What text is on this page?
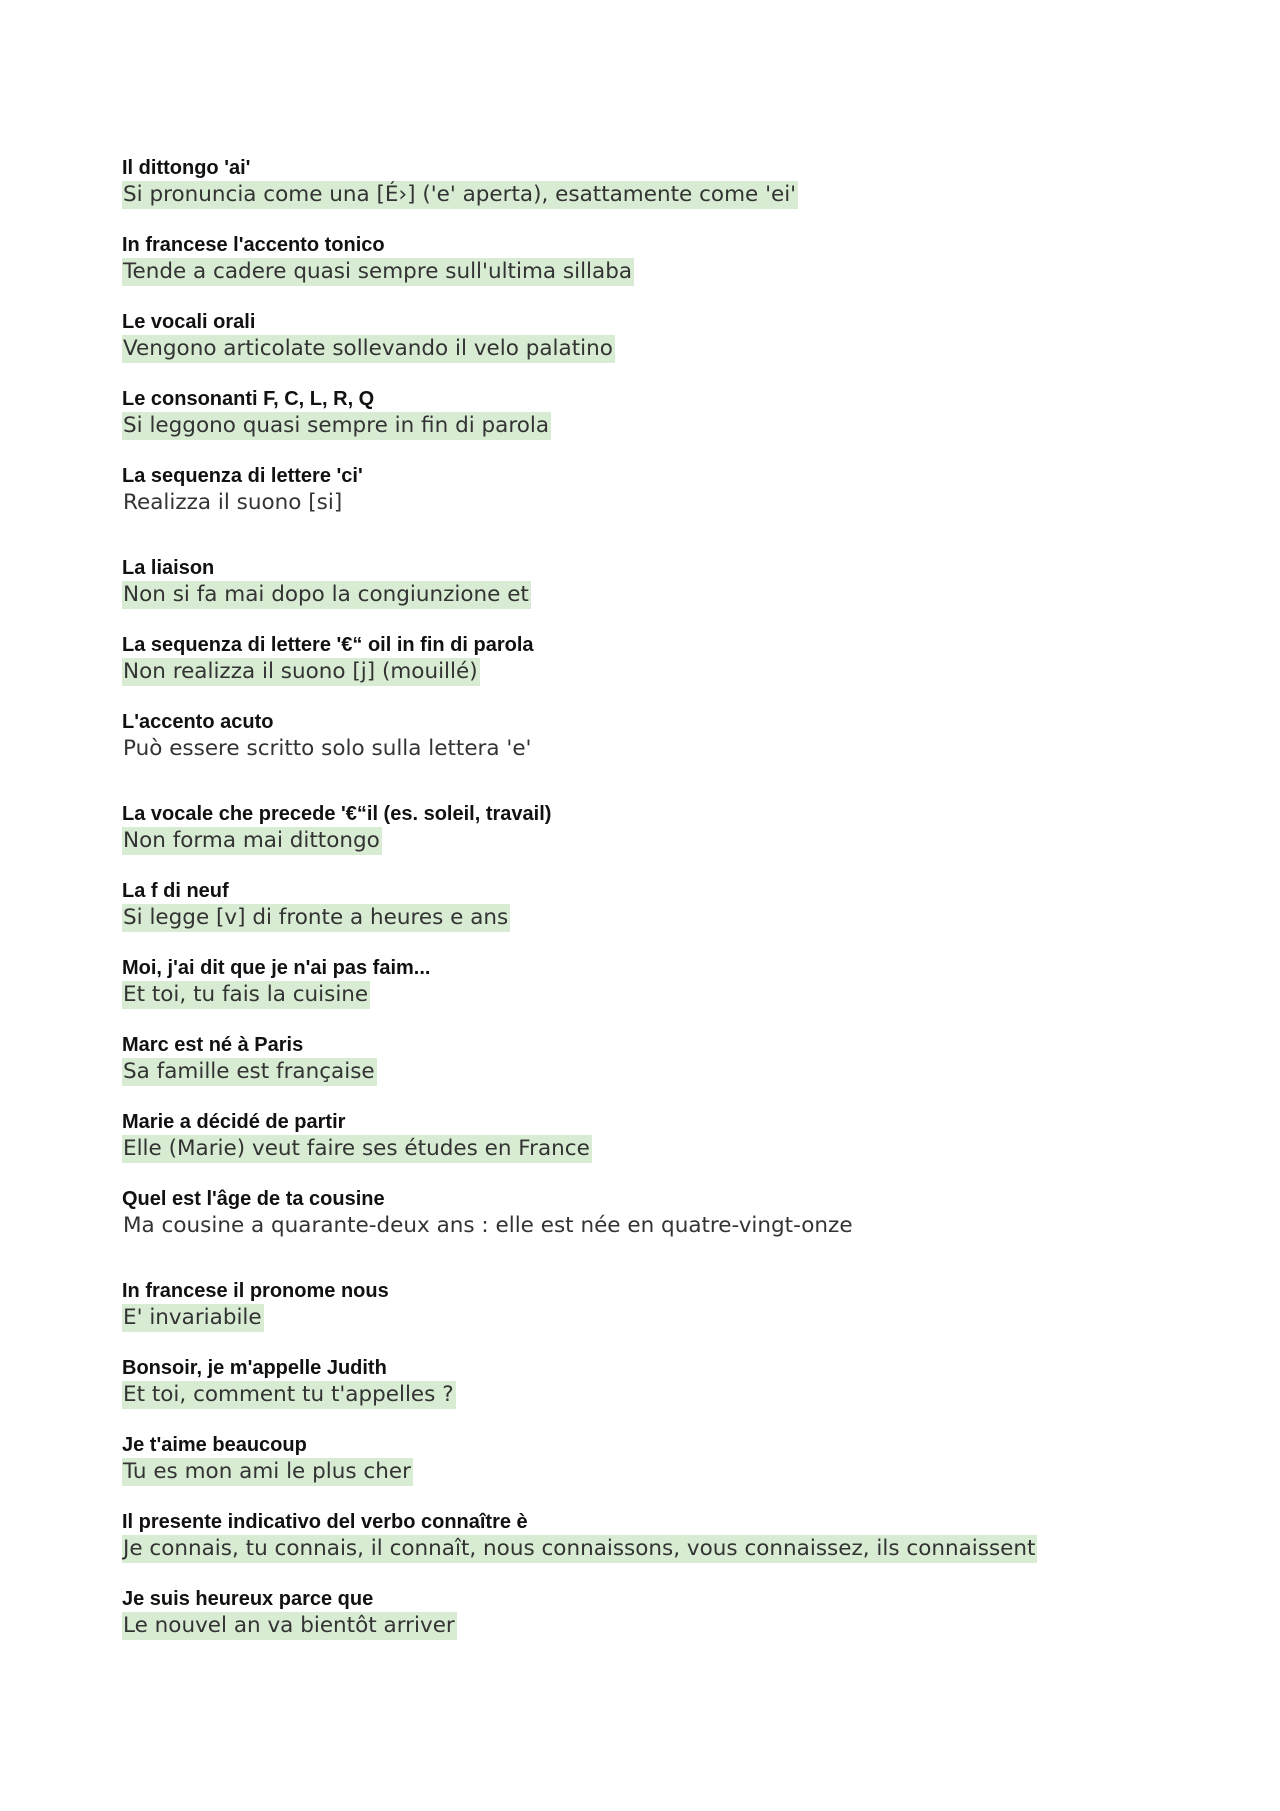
Il dittongo 'ai'
Si pronuncia come una [É›] ('e' aperta), esattamente come 'ei'
In francese l'accento tonico
Tende a cadere quasi sempre sull'ultima sillaba
Le vocali orali
Vengono articolate sollevando il velo palatino
Le consonanti F, C, L, R, Q
Si leggono quasi sempre in fin di parola
La sequenza di lettere 'ci'
Realizza il suono [si]
La liaison
Non si fa mai dopo la congiunzione et
La sequenza di lettere '€“ oil in fin di parola
Non realizza il suono [j] (mouillé)
L'accento acuto
Può essere scritto solo sulla lettera 'e'
La vocale che precede '€“il (es. soleil, travail)
Non forma mai dittongo
La f di neuf
Si legge [v] di fronte a heures e ans
Moi, j'ai dit que je n'ai pas faim...
Et toi, tu fais la cuisine
Marc est né à Paris
Sa famille est française
Marie a décidé de partir
Elle (Marie) veut faire ses études en France
Quel est l'âge de ta cousine
Ma cousine a quarante-deux ans : elle est née en quatre-vingt-onze
In francese il pronome nous
E' invariabile
Bonsoir, je m'appelle Judith
Et toi, comment tu t'appelles ?
Je t'aime beaucoup
Tu es mon ami le plus cher
Il presente indicativo del verbo connaître è
Je connais, tu connais, il connaît, nous connaissons, vous connaissez, ils connaissent
Je suis heureux parce que
Le nouvel an va bientôt arriver
